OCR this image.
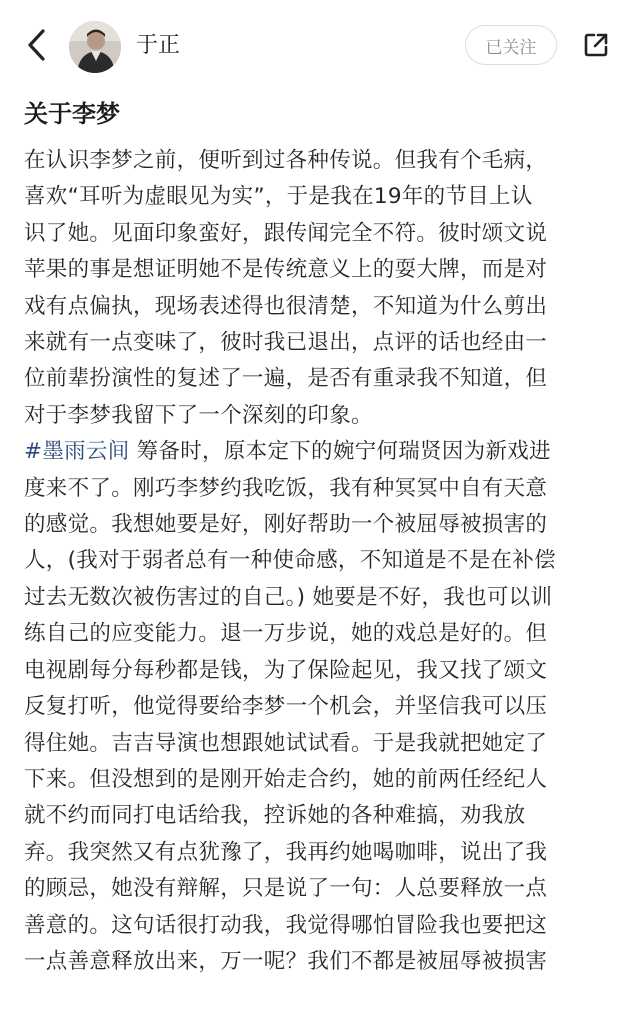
于正	已关注
关于李梦
在认识李梦之前，便听到过各种传说。但我有个毛病，
喜欢“耳听为虚眼见为实”，于是我在19年的节目上认
识了她。见面印象蛮好，跟传闻完全不符。彼时颂文说
苹果的事是想证明她不是传统意义上的耍大牌，而是对
戏有点偏执，现场表述得也很清楚，不知道为什么剪出
来就有一点变味了，彼时我已退出，点评的话也经由一
位前辈扮演性的复述了一遍，是否有重录我不知道，但
对于李梦我留下了一个深刻的印象。
#墨雨云间 筹备时，原本定下的婉宁何瑞贤因为新戏进
度来不了。刚巧李梦约我吃饭，我有种冥冥中自有天意
的感觉。我想她要是好，刚好帮助一个被屈辱被损害的
人，(我对于弱者总有一种使命感，不知道是不是在补偿
过去无数次被伤害过的自己。) 她要是不好，我也可以训
练自己的应变能力。退一万步说，她的戏总是好的。但
电视剧每分每秒都是钱，为了保险起见，我又找了颂文
反复打听，他觉得要给李梦一个机会，并坚信我可以压
得住她。吉吉导演也想跟她试试看。于是我就把她定了
下来。但没想到的是刚开始走合约，她的前两任经纪人
就不约而同打电话给我，控诉她的各种难搞，劝我放
弃。我突然又有点犹豫了，我再约她喝咖啡，说出了我
的顾忌，她没有辩解，只是说了一句：人总要释放一点
善意的。这句话很打动我，我觉得哪怕冒险我也要把这
一点善意释放出来，万一呢？我们不都是被屈辱被损害
